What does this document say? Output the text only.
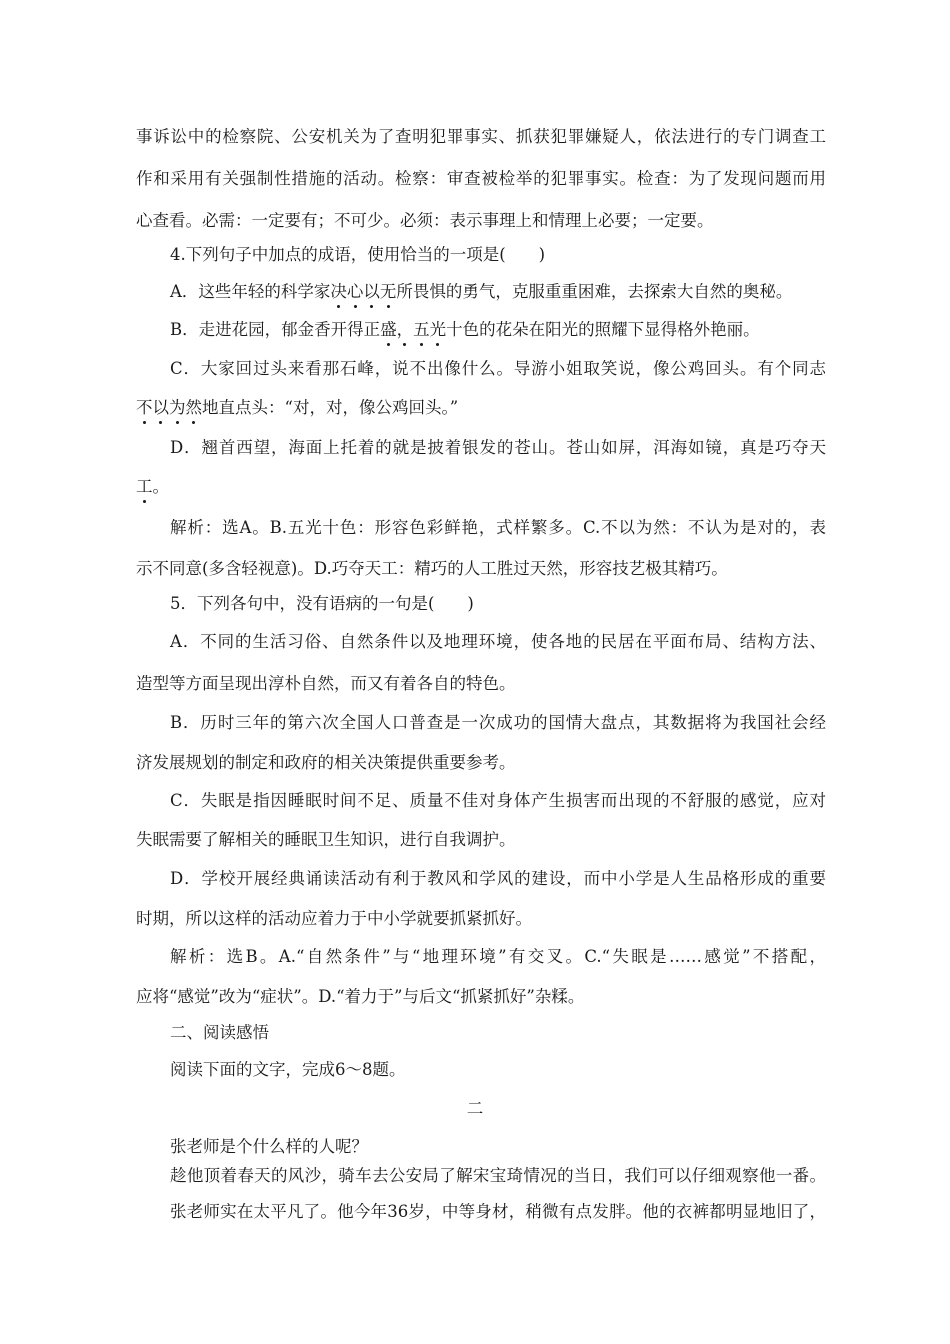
事诉讼中的检察院、公安机关为了查明犯罪事实、抓获犯罪嫌疑人，依法进行的专门调查工
作和采用有关强制性措施的活动。检察：审查被检举的犯罪事实。检查：为了发现问题而用
心查看。必需：一定要有；不可少。必须：表示事理上和情理上必要；一定要。
4.下列句子中加点的成语，使用恰当的一项是(　　)
A．这些年轻的科学家决心以无所畏惧的勇气，克服重重困难，去探索大自然的奥秘。
B．走进花园，郁金香开得正盛，五光十色的花朵在阳光的照耀下显得格外艳丽。
C．大家回过头来看那石峰，说不出像什么。导游小姐取笑说，像公鸡回头。有个同志
不以为然地直点头：“对，对，像公鸡回头。”
D．翘首西望，海面上托着的就是披着银发的苍山。苍山如屏，洱海如镜，真是巧夺天
工。
解析：选A。B.五光十色：形容色彩鲜艳，式样繁多。C.不以为然：不认为是对的，表
示不同意(多含轻视意)。D.巧夺天工：精巧的人工胜过天然，形容技艺极其精巧。
5．下列各句中，没有语病的一句是(　　)
A．不同的生活习俗、自然条件以及地理环境，使各地的民居在平面布局、结构方法、
造型等方面呈现出淳朴自然，而又有着各自的特色。
B．历时三年的第六次全国人口普查是一次成功的国情大盘点，其数据将为我国社会经
济发展规划的制定和政府的相关决策提供重要参考。
C．失眠是指因睡眠时间不足、质量不佳对身体产生损害而出现的不舒服的感觉，应对
失眠需要了解相关的睡眠卫生知识，进行自我调护。
D．学校开展经典诵读活动有利于教风和学风的建设，而中小学是人生品格形成的重要
时期，所以这样的活动应着力于中小学就要抓紧抓好。
解析：选B。A.“自然条件”与“地理环境”有交叉。C.“失眠是……感觉”不搭配，
应将“感觉”改为“症状”。D.“着力于”与后文“抓紧抓好”杂糅。
二、阅读感悟
阅读下面的文字，完成6～8题。
二
张老师是个什么样的人呢？
趁他顶着春天的风沙，骑车去公安局了解宋宝琦情况的当日，我们可以仔细观察他一番。
张老师实在太平凡了。他今年36岁，中等身材，稍微有点发胖。他的衣裤都明显地旧了，
